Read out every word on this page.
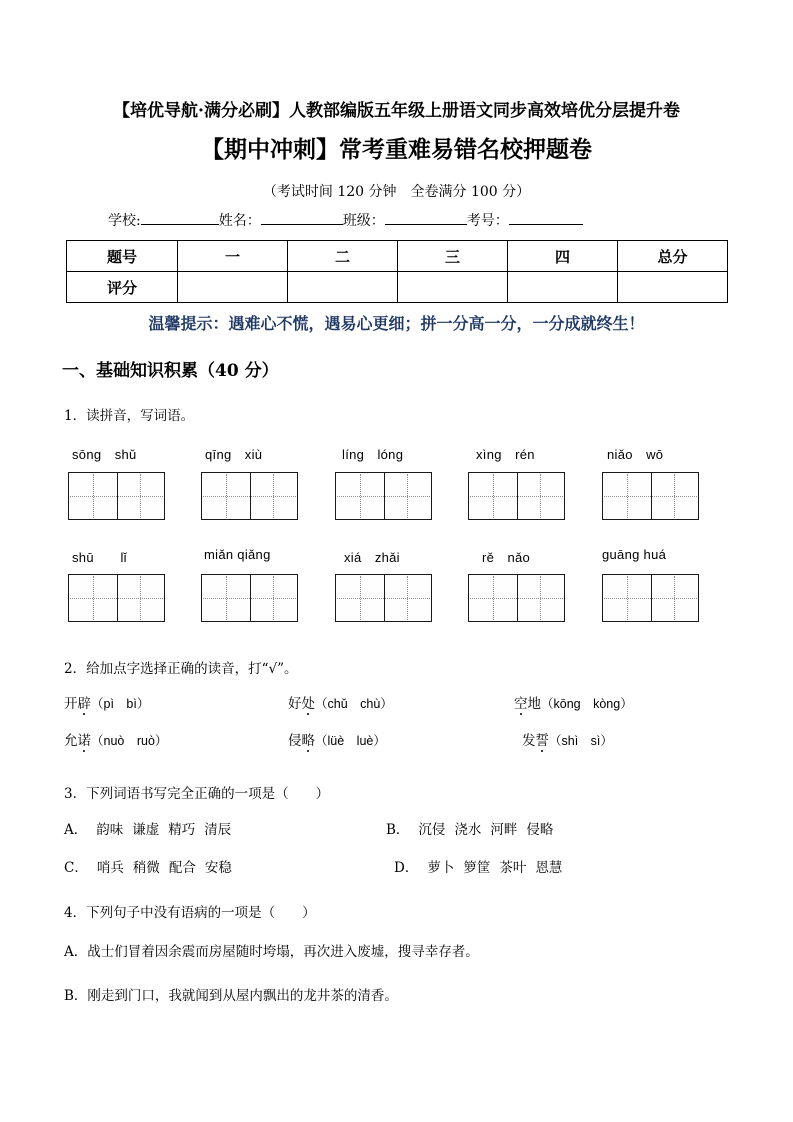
【培优导航·满分必刷】人教部编版五年级上册语文同步高效培优分层提升卷
【期中冲刺】常考重难易错名校押题卷
（考试时间 120 分钟　全卷满分 100 分）
学校:	姓名：	班级：	考号：
题号	一	二	三	四	总分
评分					
温馨提示：遇难心不慌，遇易心更细；拼一分高一分，一分成就终生！
一、基础知识积累（40 分）
1．读拼音，写词语。
sōng　shǔ	qīng　xiù	líng　lóng	xìng　rén	niǎo　wō
shū　　lǐ	miǎn qiǎng	xiá　zhǎi	rě　nǎo	guāng huá
2．给加点字选择正确的读音，打“√”。
开辟（pì　bì）	好处（chǔ　chù）	空地（kōng　kòng）
允诺（nuò　ruò）	侵略（lüè　luè）	发誓（shì　sì）
3．下列词语书写完全正确的一项是（　　）
A． 韵味 谦虚 精巧 清辰	B． 沉侵 浇水 河畔 侵略
C． 哨兵 稍微 配合 安稳	D． 萝卜 箩筐 茶叶 恩慧
4．下列句子中没有语病的一项是（　　）
A．战士们冒着因余震而房屋随时垮塌，再次进入废墟，搜寻幸存者。
B．刚走到门口，我就闻到从屋内飘出的龙井茶的清香。
